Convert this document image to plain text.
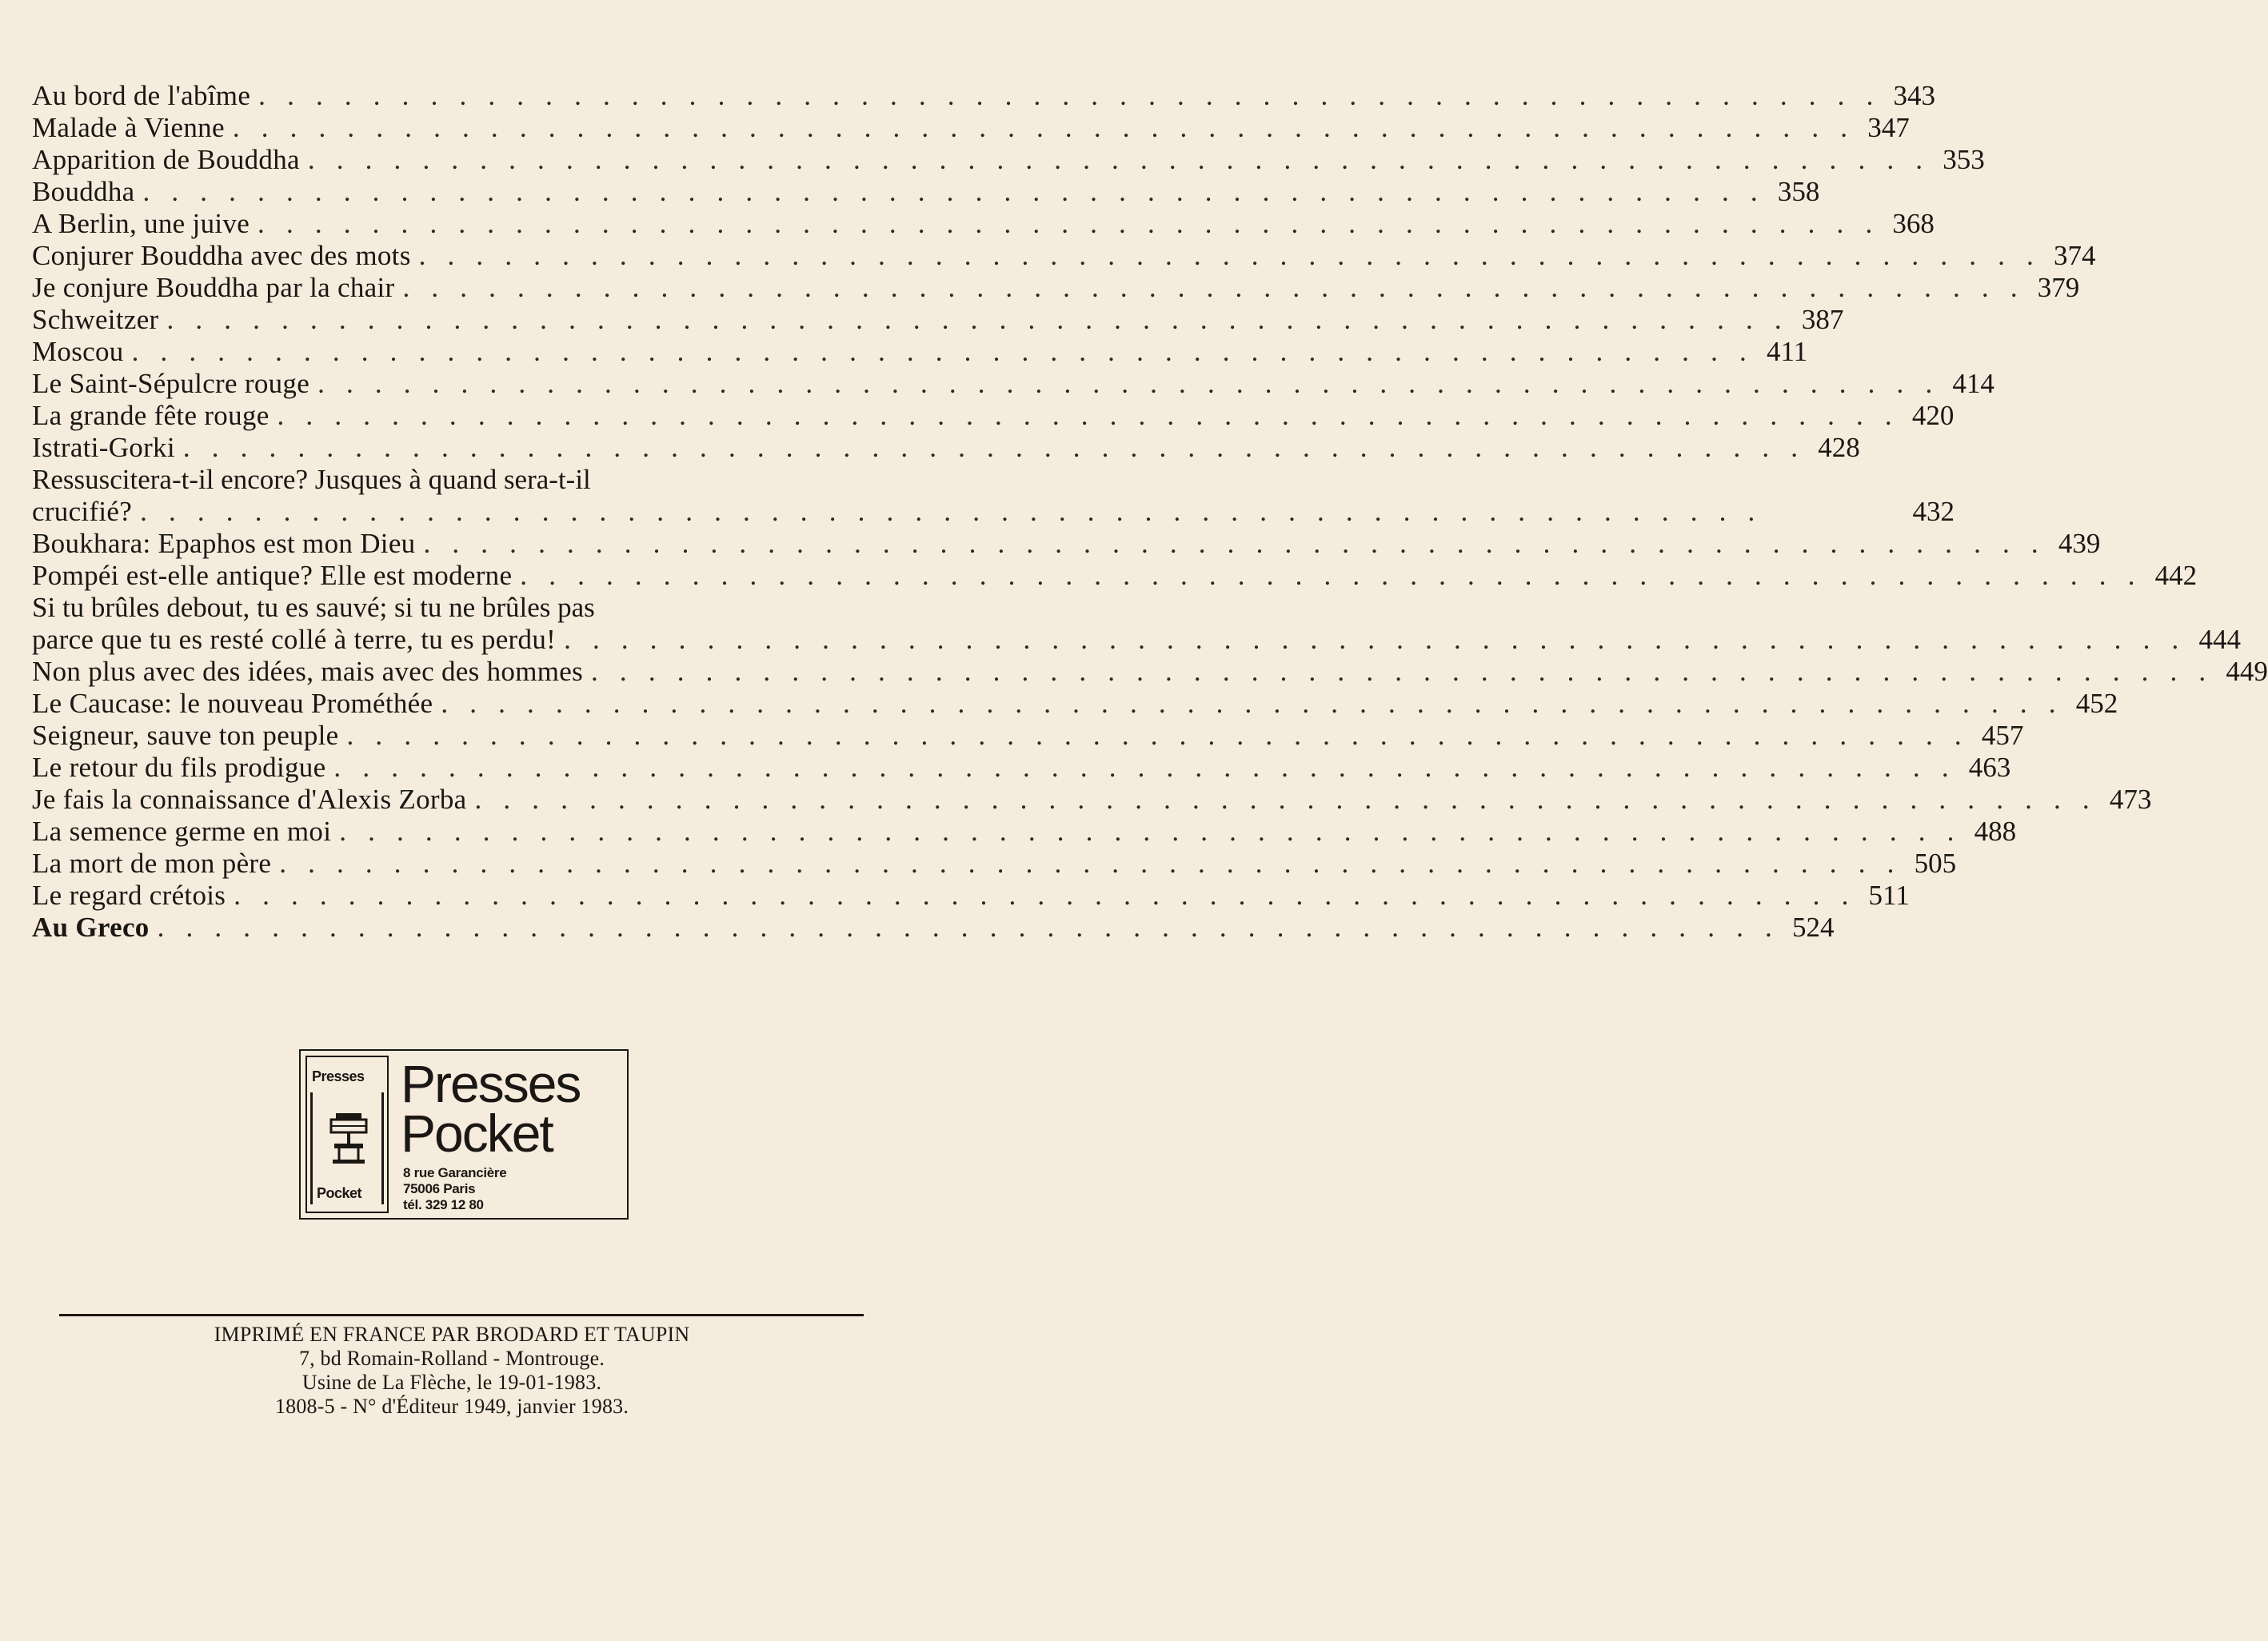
Au bord de l'abîme . . . . . . . . . . . . . . . . . . . . . . . . . . . . . . . . . . . . . . . . . . . . . . . . . . . . . . . . . 343
Malade à Vienne . . . . . . . . . . . . . . . . . . . . . . . . . . . . . . . . . . . . . . . . . . . . . . . . . . . . . . . . . 347
Apparition de Bouddha . . . . . . . . . . . . . . . . . . . . . . . . . . . . . . . . . . . . . . . . . . . . . . . . . . . . . . . . . 353
Bouddha . . . . . . . . . . . . . . . . . . . . . . . . . . . . . . . . . . . . . . . . . . . . . . . . . . . . . . . . . 358
A Berlin, une juive . . . . . . . . . . . . . . . . . . . . . . . . . . . . . . . . . . . . . . . . . . . . . . . . . . . . . . . . . 368
Conjurer Bouddha avec des mots . . . . . . . . . . . . . . . . . . . . . . . . . . . . . . . . . . . . . . . . . . . . . . . . . . . . . . . . . 374
Je conjure Bouddha par la chair . . . . . . . . . . . . . . . . . . . . . . . . . . . . . . . . . . . . . . . . . . . . . . . . . . . . . . . . . 379
Schweitzer . . . . . . . . . . . . . . . . . . . . . . . . . . . . . . . . . . . . . . . . . . . . . . . . . . . . . . . . . 387
Moscou . . . . . . . . . . . . . . . . . . . . . . . . . . . . . . . . . . . . . . . . . . . . . . . . . . . . . . . . . 411
Le Saint-Sépulcre rouge . . . . . . . . . . . . . . . . . . . . . . . . . . . . . . . . . . . . . . . . . . . . . . . . . . . . . . . . . 414
La grande fête rouge . . . . . . . . . . . . . . . . . . . . . . . . . . . . . . . . . . . . . . . . . . . . . . . . . . . . . . . . . 420
Istrati-Gorki . . . . . . . . . . . . . . . . . . . . . . . . . . . . . . . . . . . . . . . . . . . . . . . . . . . . . . . . . 428
Ressuscitera-t-il encore? Jusques à quand sera-t-il
crucifié? . . . . . . . . . . . . . . . . . . . . . . . . . . . . . . . . . . . . . . . . . . . . . . . . . . . . . . . . .	432
Boukhara: Epaphos est mon Dieu . . . . . . . . . . . . . . . . . . . . . . . . . . . . . . . . . . . . . . . . . . . . . . . . . . . . . . . . . 439
Pompéi est-elle antique? Elle est moderne . . . . . . . . . . . . . . . . . . . . . . . . . . . . . . . . . . . . . . . . . . . . . . . . . . . . . . . . . 442
Si tu brûles debout, tu es sauvé; si tu ne brûles pas
parce que tu es resté collé à terre, tu es perdu! . . . . . . . . . . . . . . . . . . . . . . . . . . . . . . . . . . . . . . . . . . . . . . . . . . . . . . . . . 444
Non plus avec des idées, mais avec des hommes . . . . . . . . . . . . . . . . . . . . . . . . . . . . . . . . . . . . . . . . . . . . . . . . . . . . . . . . . 449
Le Caucase: le nouveau Prométhée . . . . . . . . . . . . . . . . . . . . . . . . . . . . . . . . . . . . . . . . . . . . . . . . . . . . . . . . . 452
Seigneur, sauve ton peuple . . . . . . . . . . . . . . . . . . . . . . . . . . . . . . . . . . . . . . . . . . . . . . . . . . . . . . . . . 457
Le retour du fils prodigue . . . . . . . . . . . . . . . . . . . . . . . . . . . . . . . . . . . . . . . . . . . . . . . . . . . . . . . . . 463
Je fais la connaissance d'Alexis Zorba . . . . . . . . . . . . . . . . . . . . . . . . . . . . . . . . . . . . . . . . . . . . . . . . . . . . . . . . . 473
La semence germe en moi . . . . . . . . . . . . . . . . . . . . . . . . . . . . . . . . . . . . . . . . . . . . . . . . . . . . . . . . . 488
La mort de mon père . . . . . . . . . . . . . . . . . . . . . . . . . . . . . . . . . . . . . . . . . . . . . . . . . . . . . . . . . 505
Le regard crétois . . . . . . . . . . . . . . . . . . . . . . . . . . . . . . . . . . . . . . . . . . . . . . . . . . . . . . . . . 511
Au Greco . . . . . . . . . . . . . . . . . . . . . . . . . . . . . . . . . . . . . . . . . . . . . . . . . . . . . . . . . 524
Presses
Pocket
Presses
Pocket
8 rue Garancière
75006 Paris
tél. 329 12 80
IMPRIMÉ EN FRANCE PAR BRODARD ET TAUPIN
7, bd Romain-Rolland - Montrouge.
Usine de La Flèche, le 19-01-1983.
1808-5 - N° d'Éditeur 1949, janvier 1983.
